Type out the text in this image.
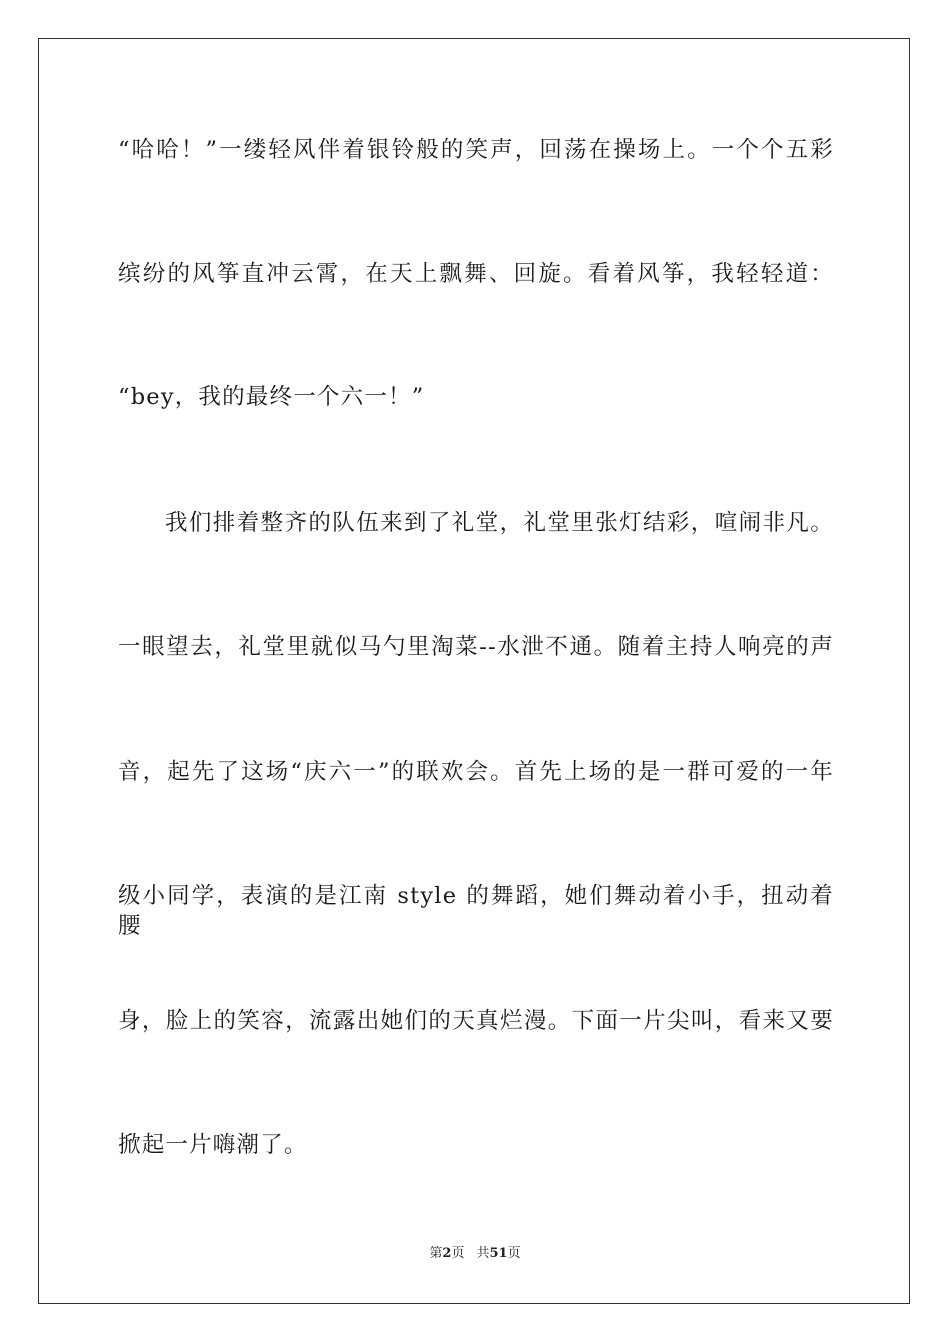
“哈哈！”一缕轻风伴着银铃般的笑声，回荡在操场上。一个个五彩
缤纷的风筝直冲云霄，在天上飘舞、回旋。看着风筝，我轻轻道：
“bey，我的最终一个六一！”
我们排着整齐的队伍来到了礼堂，礼堂里张灯结彩，喧闹非凡。
一眼望去，礼堂里就似马勺里淘菜--水泄不通。随着主持人响亮的声
音，起先了这场“庆六一”的联欢会。首先上场的是一群可爱的一年
级小同学，表演的是江南 style 的舞蹈，她们舞动着小手，扭动着腰
身，脸上的笑容，流露出她们的天真烂漫。下面一片尖叫，看来又要
掀起一片嗨潮了。
第2页 共51页
